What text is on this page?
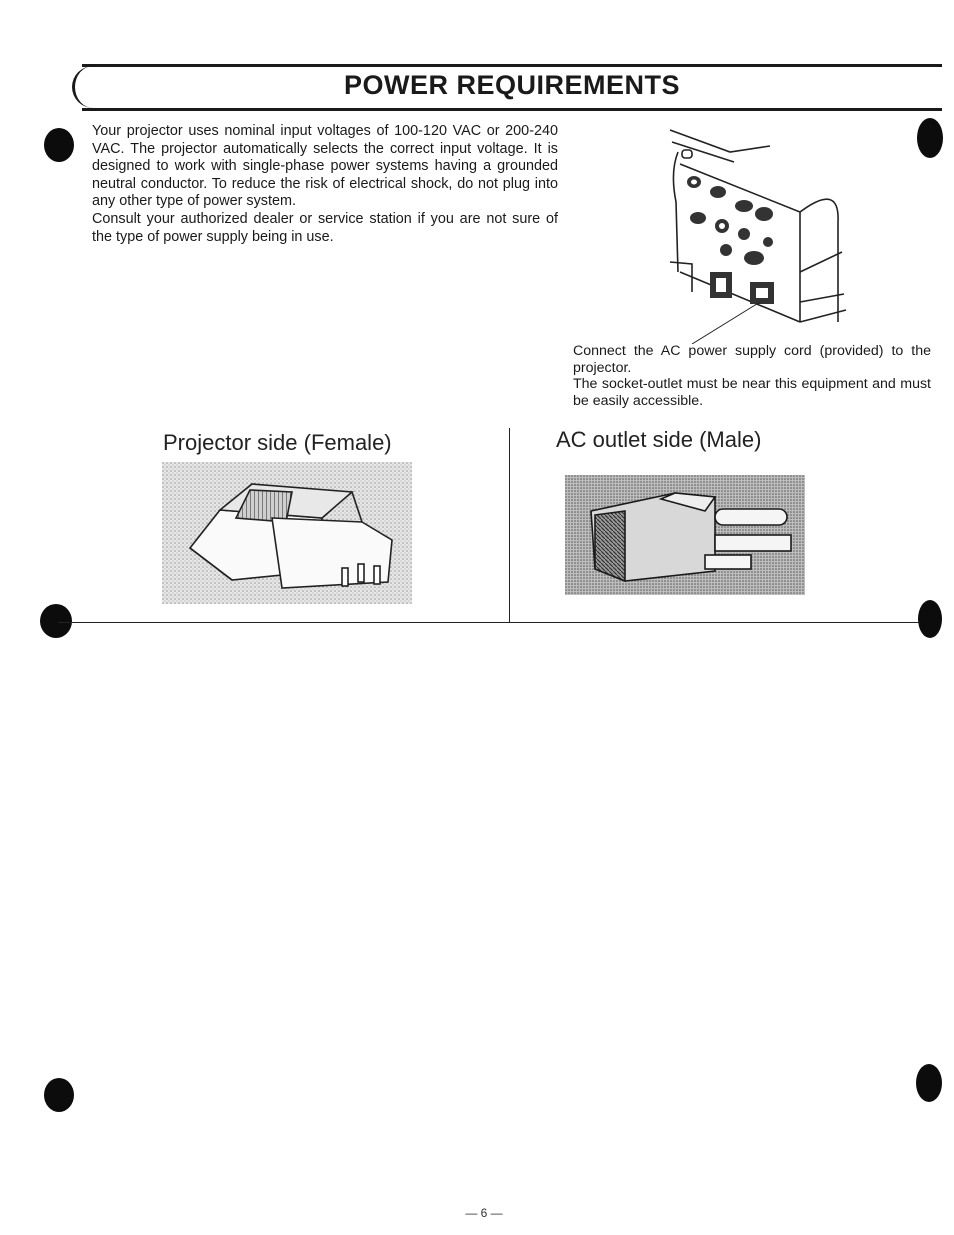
POWER REQUIREMENTS
Your projector uses nominal input voltages of 100-120 VAC or 200-240 VAC. The projector automatically selects the correct input voltage. It is designed to work with single-phase power systems having a grounded neutral conductor. To reduce the risk of electrical shock, do not plug into any other type of power system.
Consult your authorized dealer or service station if you are not sure of the type of power supply being in use.
Connect the AC power supply cord (provided) to the projector.
The socket-outlet must be near this equipment and must be easily accessible.
Projector side (Female)	AC outlet side (Male)
— 6 —
